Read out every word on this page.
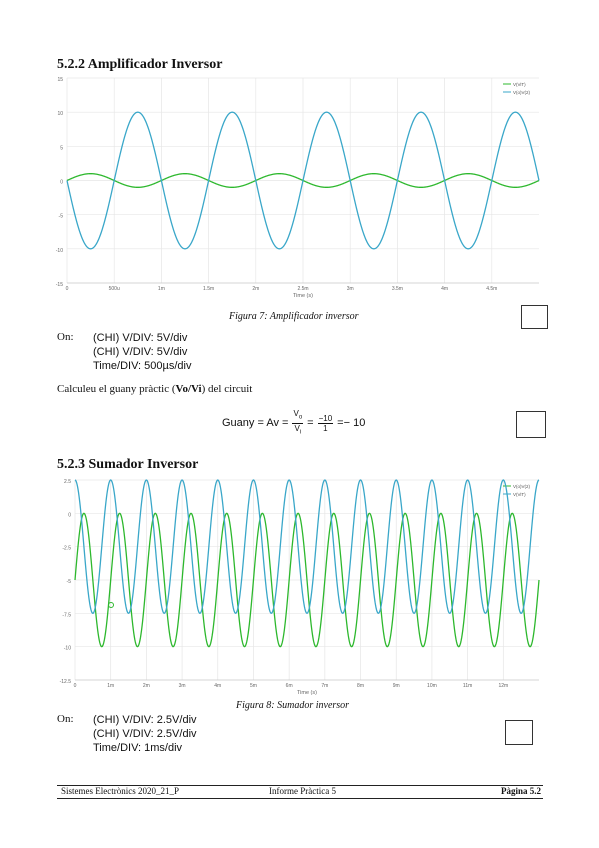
5.2.2 Amplificador Inversor
15
10
5
0
-5
-10
-15
0	500u	1m	1.5m	2m	2.5m	3m	3.5m	4m	4.5m
Time (s)
V(ViT)
V(o)V(2)
Figura 7: Amplificador inversor
On: (CHI) V/DIV: 5V/div
(CHI) V/DIV: 5V/div
Time/DIV: 500µs/div
Calculeu el guany pràctic (Vo/Vi) del circuit
Guany = $Av = \frac{V_o}{V_i} = \frac{-10}{1} =- 10$
5.2.3 Sumador Inversor
2.5
0
-2.5
-5
-7.5
-10
-12.5
0	1m	2m	3m	4m	5m	6m	7m	8m	9m	10m	11m	12m
Time (s)
V(o)V(2)
V(ViT)
Figura 8: Sumador inversor
On: (CHI) V/DIV: 2.5V/div
(CHI) V/DIV: 2.5V/div
Time/DIV: 1ms/div
Sistemes Electrònics 2020_21_P	Informe Pràctica 5	Pàgina 5.2
